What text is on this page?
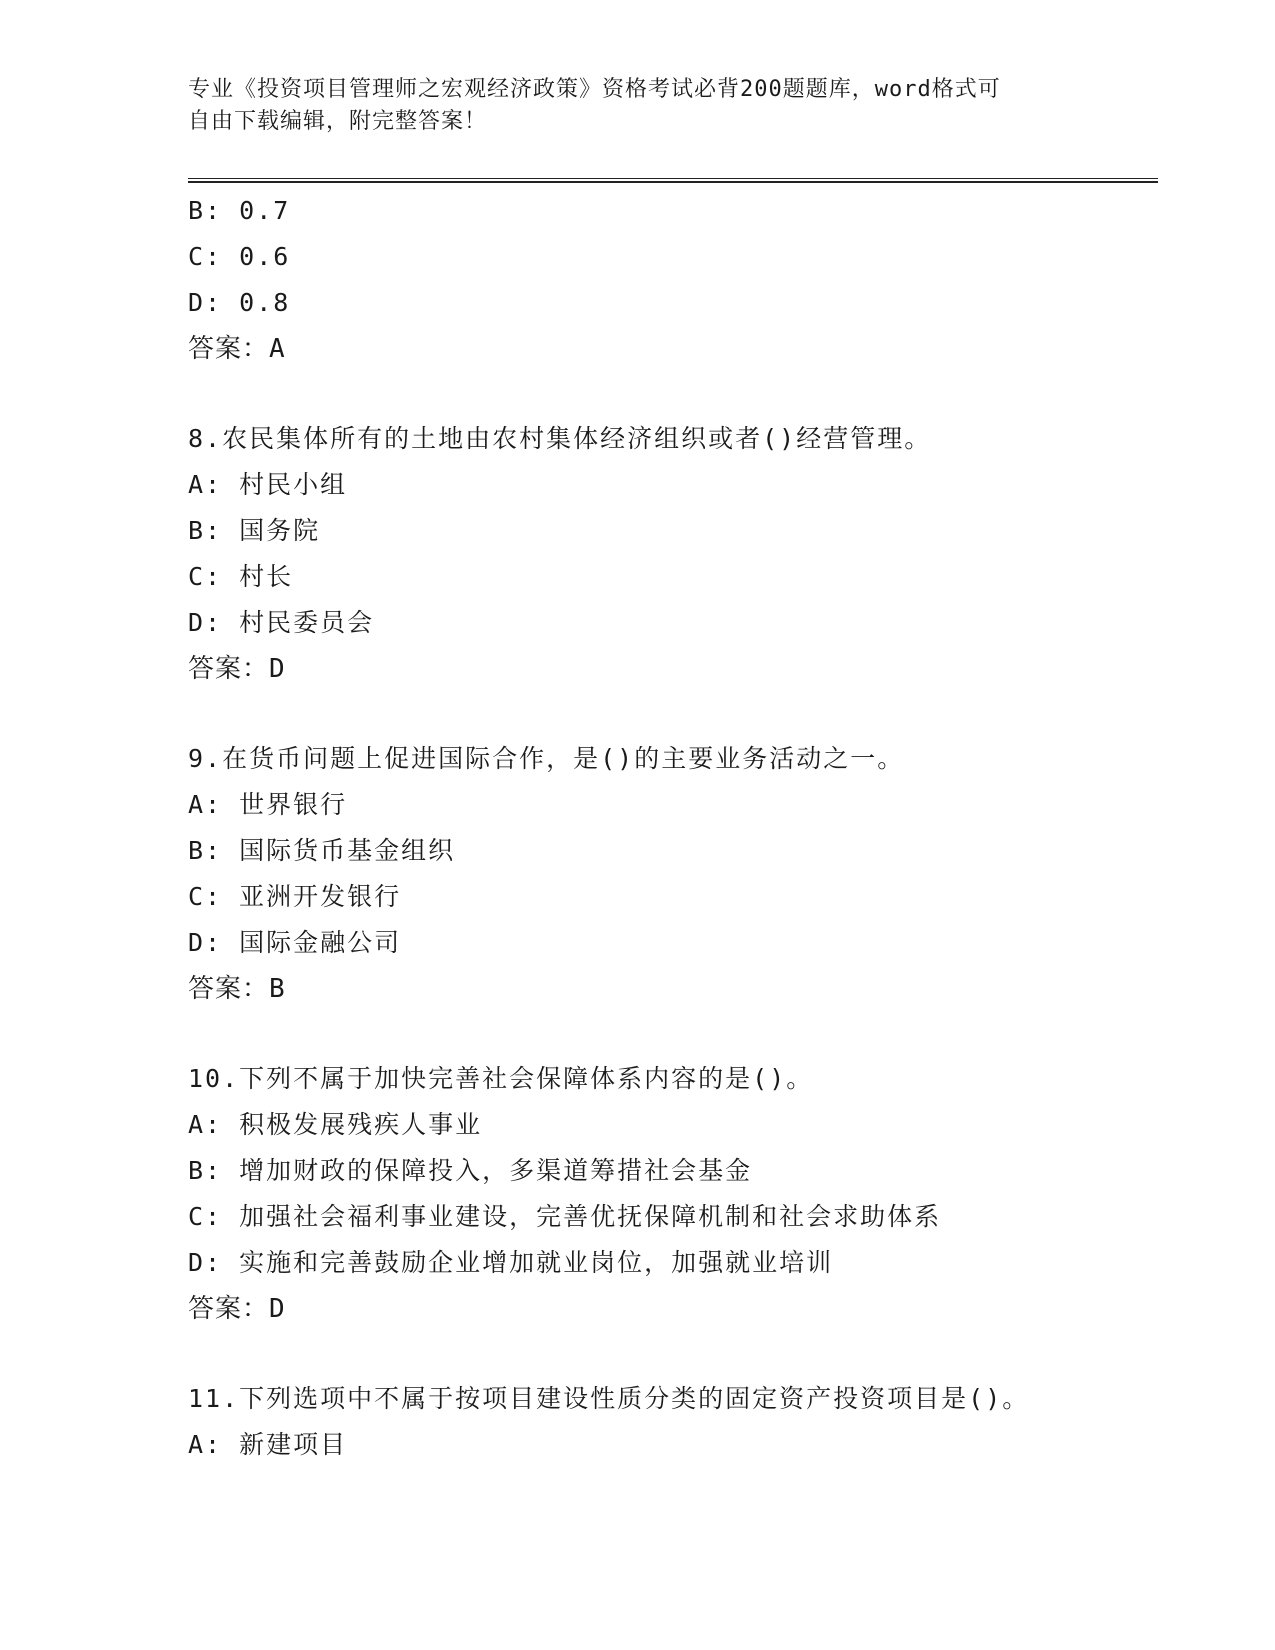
专业《投资项目管理师之宏观经济政策》资格考试必背200题题库，word格式可
自由下载编辑，附完整答案！
B: 0.7
C: 0.6
D: 0.8
答案：A
8.农民集体所有的土地由农村集体经济组织或者()经营管理。
A: 村民小组
B: 国务院
C: 村长
D: 村民委员会
答案：D
9.在货币问题上促进国际合作，是()的主要业务活动之一。
A: 世界银行
B: 国际货币基金组织
C: 亚洲开发银行
D: 国际金融公司
答案：B
10.下列不属于加快完善社会保障体系内容的是()。
A: 积极发展残疾人事业
B: 增加财政的保障投入，多渠道筹措社会基金
C: 加强社会福利事业建设，完善优抚保障机制和社会求助体系
D: 实施和完善鼓励企业增加就业岗位，加强就业培训
答案：D
11.下列选项中不属于按项目建设性质分类的固定资产投资项目是()。
A: 新建项目
